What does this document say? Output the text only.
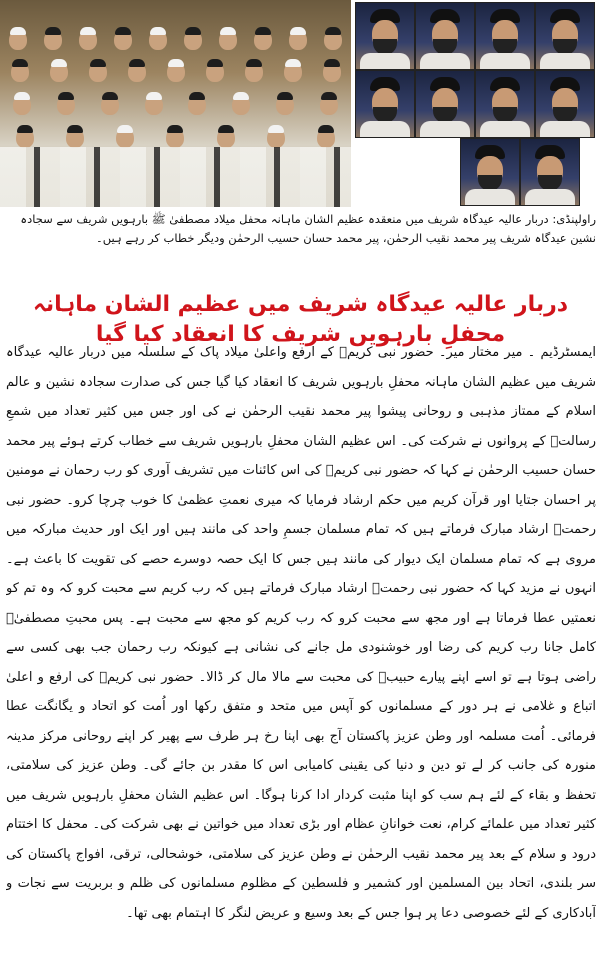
راولپنڈی: دربار عالیہ عیدگاہ شریف میں منعقدہ عظیم الشان ماہانہ محفل میلاد مصطفیٰ ﷺ بارہویں شریف سے سجادہ نشین عیدگاہ شریف پیر محمد نقیب الرحمٰن، پیر محمد حسان حسیب الرحمٰن ودیگر خطاب کر رہے ہیں۔
دربار عالیہ عیدگاہ شریف میں عظیم الشان ماہانہ محفلِ بارہویں شریف کا انعقاد کیا گیا
ایمسٹرڈیم ۔ میر مختار میر۔ حضور نبی کریمؐ کے ارفع واعلیٰ میلاد پاک کے سلسلہ میں دربار عالیہ عیدگاہ شریف میں عظیم الشان ماہانہ محفلِ بارہویں شریف کا انعقاد کیا گیا جس کی صدارت سجادہ نشین و عالم اسلام کے ممتاز مذہبی و روحانی پیشوا پیر محمد نقیب الرحمٰن نے کی اور جس میں کثیر تعداد میں شمعِ رسالتؐ کے پروانوں نے شرکت کی۔ اس عظیم الشان محفلِ بارہویں شریف سے خطاب کرتے ہوئے پیر محمد حسان حسیب الرحمٰن نے کہا کہ حضور نبی کریمؐ کی اس کائنات میں تشریف آوری کو رب رحمان نے مومنین پر احسان جتایا اور قرآن کریم میں حکم ارشاد فرمایا کہ میری نعمتِ عظمیٰ کا خوب چرچا کرو۔ حضور نبی رحمتؐ ارشاد مبارک فرماتے ہیں کہ تمام مسلمان جسمِ واحد کی مانند ہیں اور ایک اور حدیث مبارکہ میں مروی ہے کہ تمام مسلمان ایک دیوار کی مانند ہیں جس کا ایک حصہ دوسرے حصے کی تقویت کا باعث ہے۔ انہوں نے مزید کہا کہ حضور نبی رحمتؐ ارشاد مبارک فرماتے ہیں کہ رب کریم سے محبت کرو کہ وہ تم کو نعمتیں عطا فرماتا ہے اور مجھ سے محبت کرو کہ رب کریم کو مجھ سے محبت ہے۔ پس محبتِ مصطفیٰؐ کامل جانا رب کریم کی رضا اور خوشنودی مل جانے کی نشانی ہے کیونکہ رب رحمان جب بھی کسی سے راضی ہوتا ہے تو اسے اپنے پیارے حبیبؐ کی محبت سے مالا مال کر ڈالا۔ حضور نبی کریمؐ کی ارفع و اعلیٰ اتباع و غلامی نے ہر دور کے مسلمانوں کو آپس میں متحد و متفق رکھا اور اُمت کو اتحاد و یگانگت عطا فرمائی۔ اُمت مسلمہ اور وطن عزیز پاکستان آج بھی اپنا رخ ہر طرف سے پھیر کر اپنے روحانی مرکز مدینہ منورہ کی جانب کر لے تو دین و دنیا کی یقینی کامیابی اس کا مقدر بن جائے گی۔ وطن عزیز کی سلامتی، تحفظ و بقاء کے لئے ہم سب کو اپنا مثبت کردار ادا کرنا ہوگا۔ اس عظیم الشان محفلِ بارہویں شریف میں کثیر تعداد میں علمائے کرام، نعت خوانانِ عظام اور بڑی تعداد میں خواتین نے بھی شرکت کی۔ محفل کا اختتام درود و سلام کے بعد پیر محمد نقیب الرحمٰن نے وطن عزیز کی سلامتی، خوشحالی، ترقی، افواج پاکستان کی سر بلندی، اتحاد بین المسلمین اور کشمیر و فلسطین کے مظلوم مسلمانوں کی ظلم و بربریت سے نجات و آبادکاری کے لئے خصوصی دعا پر ہوا جس کے بعد وسیع و عریض لنگر کا اہتمام بھی تھا۔
